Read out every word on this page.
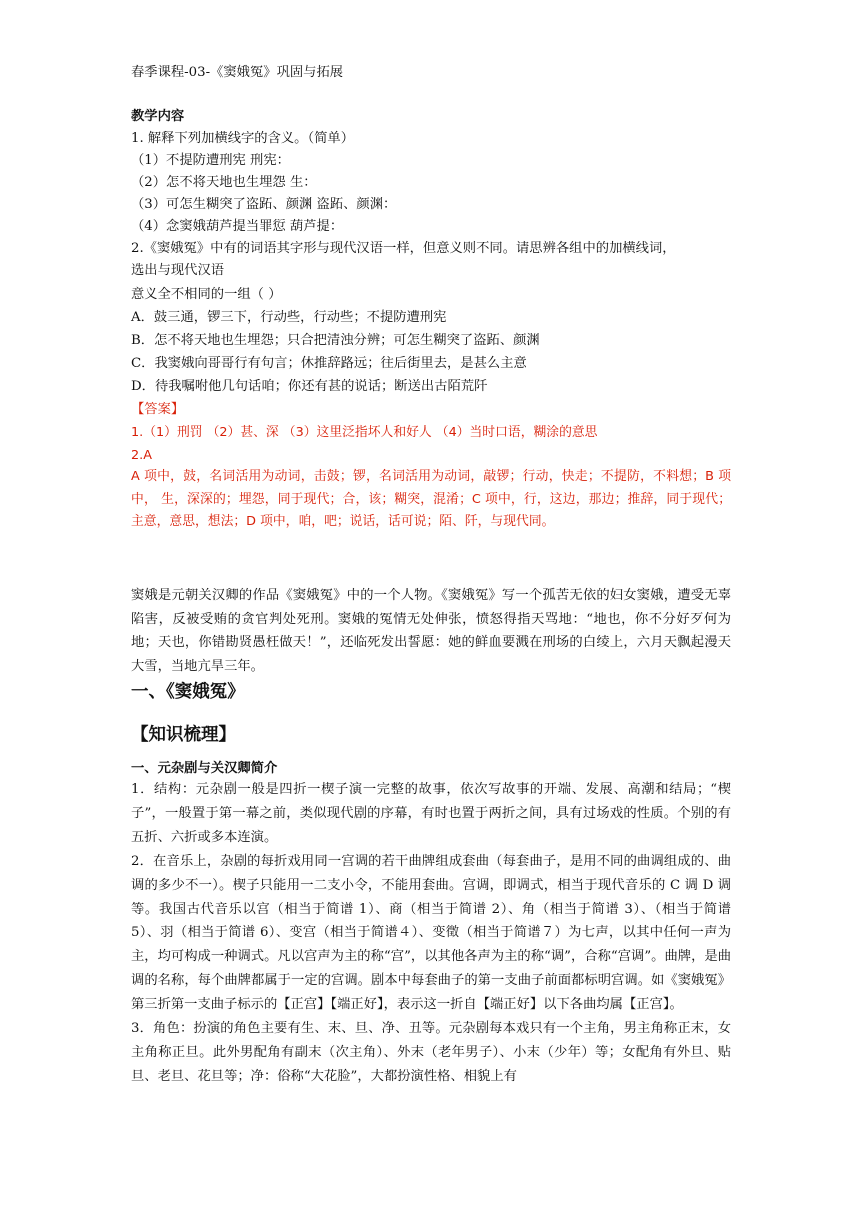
春季课程-03-《窦娥冤》巩固与拓展
教学内容
1. 解释下列加横线字的含义。（简单）
（1）不提防遭刑宪 刑宪：
（2）怎不将天地也生埋怨 生：
（3）可怎生糊突了盗跖、颜渊 盗跖、颜渊：
（4）念窦娥葫芦提当罪愆 葫芦提：
2.《窦娥冤》中有的词语其字形与现代汉语一样，但意义则不同。请思辨各组中的加横线词，
选出与现代汉语
意义全不相同的一组（ ）
A．鼓三通，锣三下，行动些，行动些；不提防遭刑宪
B．怎不将天地也生埋怨；只合把清浊分辨；可怎生糊突了盗跖、颜渊
C．我窦娥向哥哥行有句言；休推辞路远；往后街里去，是甚么主意
D．待我嘱咐他几句话咱；你还有甚的说话；断送出古陌荒阡
【答案】
1.（1）刑罚 （2）甚、深 （3）这里泛指坏人和好人 （4）当时口语，糊涂的意思
2.A
A 项中，鼓，名词活用为动词，击鼓；锣，名词活用为动词，敲锣；行动，快走；不提防，不料想；B 项中， 生，深深的；埋怨，同于现代；合，该；糊突，混淆；C 项中，行，这边，那边；推辞，同于现代；主意，意思，想法；D 项中，咱，吧；说话，话可说；陌、阡，与现代同。
窦娥是元朝关汉卿的作品《窦娥冤》中的一个人物。《窦娥冤》写一个孤苦无依的妇女窦娥，遭受无辜陷害，反被受贿的贪官判处死刑。窦娥的冤情无处伸张，愤怒得指天骂地：“地也，你不分好歹何为地；天也，你错勘贤愚枉做天！”，还临死发出誓愿：她的鲜血要溅在刑场的白绫上，六月天飘起漫天大雪，当地亢旱三年。
一、《窦娥冤》
【知识梳理】
一、元杂剧与关汉卿简介
1．结构：元杂剧一般是四折一楔子演一完整的故事，依次写故事的开端、发展、高潮和结局；“楔子”，一般置于第一幕之前，类似现代剧的序幕，有时也置于两折之间，具有过场戏的性质。个别的有五折、六折或多本连演。
2．在音乐上，杂剧的每折戏用同一宫调的若干曲牌组成套曲（每套曲子，是用不同的曲调组成的、曲调的多少不一）。楔子只能用一二支小令，不能用套曲。宫调，即调式，相当于现代音乐的 C 调 D 调等。我国古代音乐以宫（相当于简谱 1）、商（相当于简谱 2）、角（相当于简谱 3）、（相当于简谱 5）、羽（相当于简谱 6）、变宫（相当于简谱４）、变徵（相当于简谱７）为七声，以其中任何一声为主，均可构成一种调式。凡以宫声为主的称“宫”，以其他各声为主的称“调”，合称“宫调”。曲牌，是曲调的名称，每个曲牌都属于一定的宫调。剧本中每套曲子的第一支曲子前面都标明宫调。如《窦娥冤》第三折第一支曲子标示的【正宫】【端正好】，表示这一折自【端正好】以下各曲均属【正宫】。
3．角色：扮演的角色主要有生、末、旦、净、丑等。元杂剧每本戏只有一个主角，男主角称正末，女主角称正旦。此外男配角有副末（次主角）、外末（老年男子）、小末（少年）等；女配角有外旦、贴旦、老旦、花旦等；净：俗称“大花脸”，大都扮演性格、相貌上有
